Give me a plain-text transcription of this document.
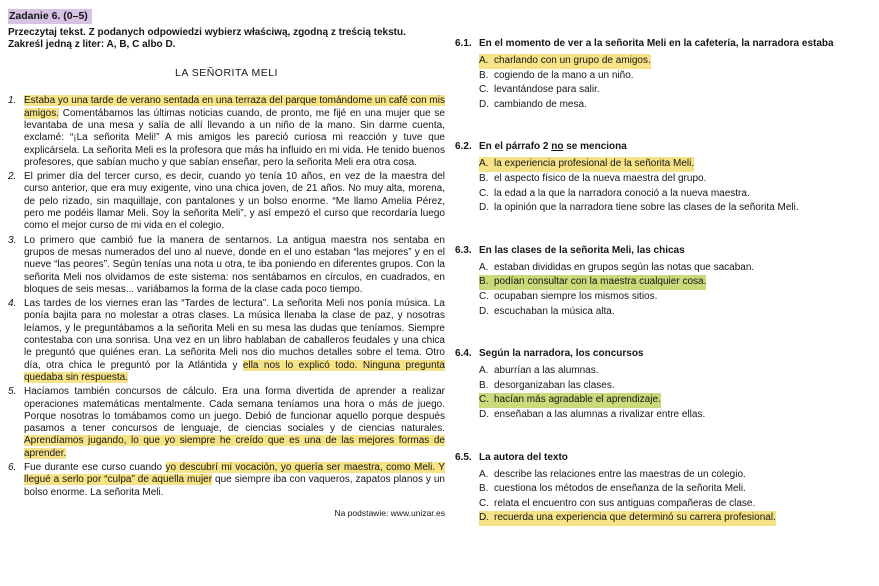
Zadanie 6. (0–5)
Przeczytaj tekst. Z podanych odpowiedzi wybierz właściwą, zgodną z treścią tekstu.
Zakreśl jedną z liter: A, B, C albo D.
LA SEÑORITA MELI
1. Estaba yo una tarde de verano sentada en una terraza del parque tomándome un café con mis amigos. Comentábamos las últimas noticias cuando, de pronto, me fijé en una mujer que se levantaba de una mesa y salía de allí llevando a un niño de la mano. Sin darme cuenta, exclamé: “¡La señorita Meli!” A mis amigos les pareció curiosa mi reacción y tuve que explicársela. La señorita Meli es la profesora que más ha influido en mi vida. He tenido buenos profesores, que sabían mucho y que sabían enseñar, pero la señorita Meli era otra cosa.
2. El primer día del tercer curso, es decir, cuando yo tenía 10 años, en vez de la maestra del curso anterior, que era muy exigente, vino una chica joven, de 21 años. No muy alta, morena, de pelo rizado, sin maquillaje, con pantalones y un bolso enorme. “Me llamo Amelia Pérez, pero me podéis llamar Meli. Soy la señorita Meli”, y así empezó el curso que recordaría luego como el mejor curso de mi vida en el colegio.
3. Lo primero que cambió fue la manera de sentarnos. La antigua maestra nos sentaba en grupos de mesas numerados del uno al nueve, donde en el uno estaban “las mejores” y en el nueve “las peores”. Según tenías una nota u otra, te iba poniendo en diferentes grupos. Con la señorita Meli nos olvidamos de este sistema: nos sentábamos en círculos, en cuadrados, en bloques de seis mesas... variábamos la forma de la clase cada poco tiempo.
4. Las tardes de los viernes eran las “Tardes de lectura”. La señorita Meli nos ponía música. La ponía bajita para no molestar a otras clases. La música llenaba la clase de paz, y nosotras leíamos, y le preguntábamos a la señorita Meli en su mesa las dudas que teníamos. Siempre contestaba con una sonrisa. Una vez en un libro hablaban de caballeros feudales y una chica le preguntó que quiénes eran. La señorita Meli nos dio muchos detalles sobre el tema. Otro día, otra chica le preguntó por la Atlántida y ella nos lo explicó todo. Ninguna pregunta quedaba sin respuesta.
5. Hacíamos también concursos de cálculo. Era una forma divertida de aprender a realizar operaciones matemáticas mentalmente. Cada semana teníamos una hora o más de juego. Porque nosotras lo tomábamos como un juego. Debió de funcionar aquello porque después pasamos a tener concursos de lenguaje, de ciencias sociales y de ciencias naturales. Aprendíamos jugando, lo que yo siempre he creído que es una de las mejores formas de aprender.
6. Fue durante ese curso cuando yo descubrí mi vocación, yo quería ser maestra, como Meli. Y llegué a serlo por “culpa” de aquella mujer que siempre iba con vaqueros, zapatos planos y un bolso enorme. La señorita Meli.
Na podstawie: www.unizar.es
6.1. En el momento de ver a la señorita Meli en la cafetería, la narradora estaba
A. charlando con un grupo de amigos.
B. cogiendo de la mano a un niño.
C. levantándose para salir.
D. cambiando de mesa.
6.2. En el párrafo 2 no se menciona
A. la experiencia profesional de la señorita Meli.
B. el aspecto físico de la nueva maestra del grupo.
C. la edad a la que la narradora conoció a la nueva maestra.
D. la opinión que la narradora tiene sobre las clases de la señorita Meli.
6.3. En las clases de la señorita Meli, las chicas
A. estaban divididas en grupos según las notas que sacaban.
B. podían consultar con la maestra cualquier cosa.
C. ocupaban siempre los mismos sitios.
D. escuchaban la música alta.
6.4. Según la narradora, los concursos
A. aburrían a las alumnas.
B. desorganizaban las clases.
C. hacían más agradable el aprendizaje.
D. enseñaban a las alumnas a rivalizar entre ellas.
6.5. La autora del texto
A. describe las relaciones entre las maestras de un colegio.
B. cuestiona los métodos de enseñanza de la señorita Meli.
C. relata el encuentro con sus antiguas compañeras de clase.
D. recuerda una experiencia que determinó su carrera profesional.
